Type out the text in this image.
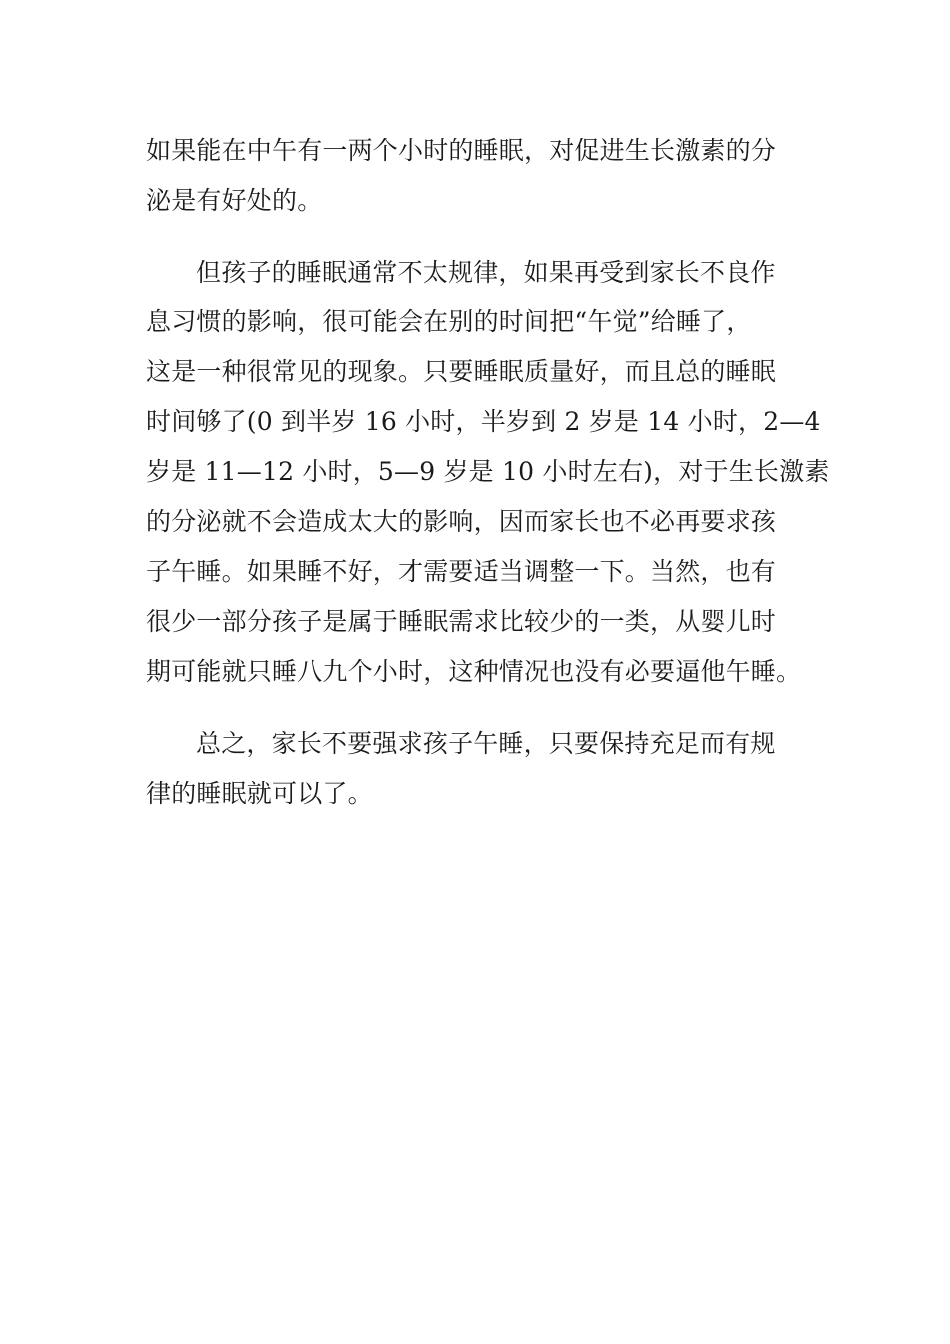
如果能在中午有一两个小时的睡眠，对促进生长激素的分
泌是有好处的。
但孩子的睡眠通常不太规律，如果再受到家长不良作
息习惯的影响，很可能会在别的时间把“午觉”给睡了，
这是一种很常见的现象。只要睡眠质量好，而且总的睡眠
时间够了(0 到半岁 16 小时，半岁到 2 岁是 14 小时，2—4
岁是 11—12 小时，5—9 岁是 10 小时左右)，对于生长激素
的分泌就不会造成太大的影响，因而家长也不必再要求孩
子午睡。如果睡不好，才需要适当调整一下。当然，也有
很少一部分孩子是属于睡眠需求比较少的一类，从婴儿时
期可能就只睡八九个小时，这种情况也没有必要逼他午睡。
总之，家长不要强求孩子午睡，只要保持充足而有规
律的睡眠就可以了。
